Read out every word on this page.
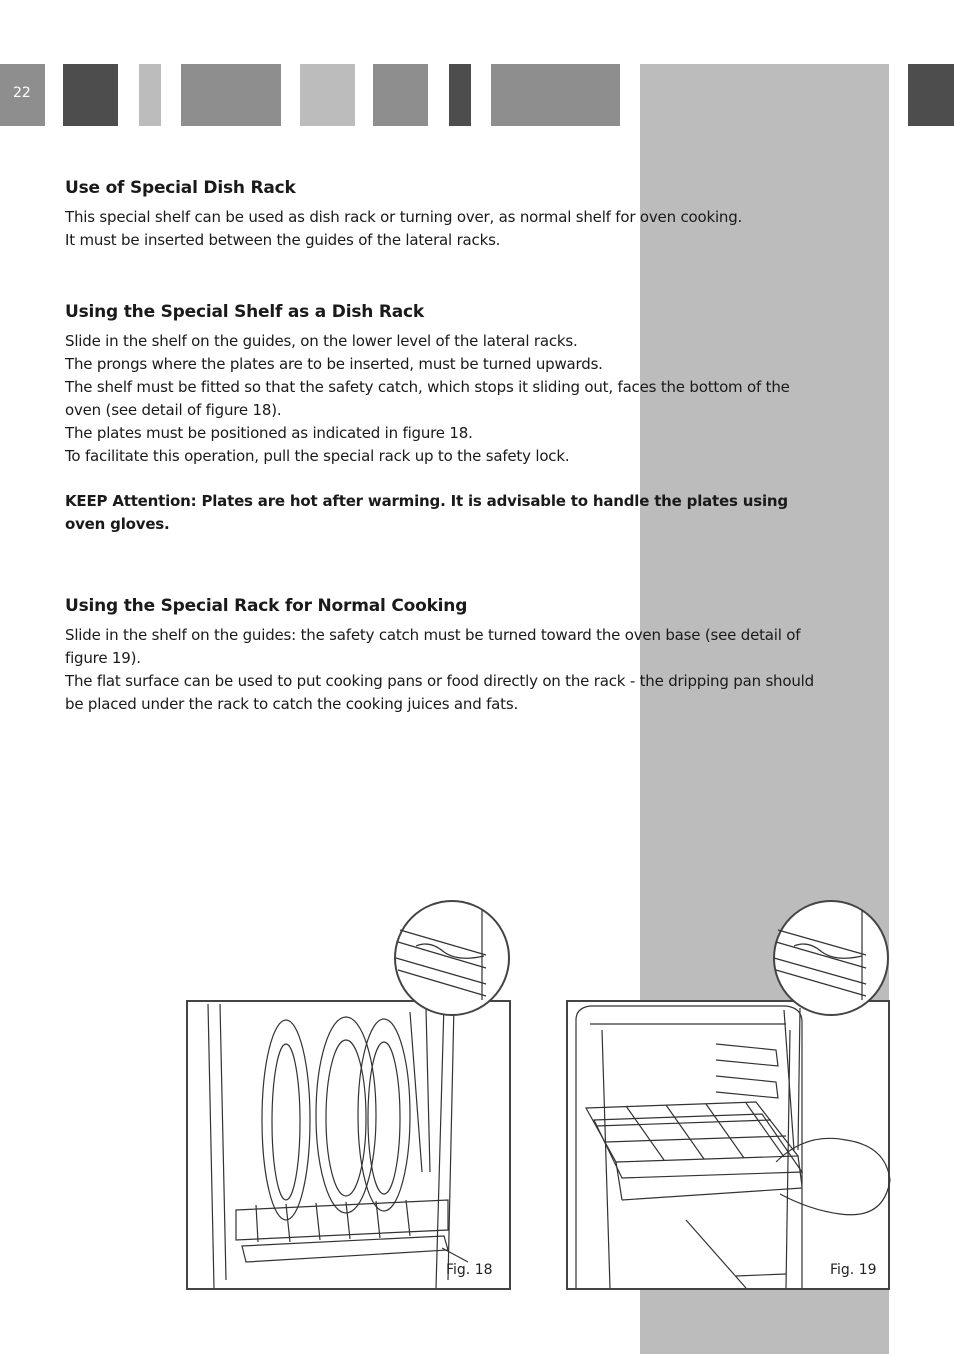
22
Use of Special Dish Rack

This special shelf can be used as dish rack or turning over, as normal shelf for oven cooking.

It must be inserted between the guides of the lateral racks.

Using the Special Shelf as a Dish Rack

Slide in the shelf on the guides, on the lower level of the lateral racks.

The prongs where the plates are to be inserted, must be turned upwards.

The shelf must be fitted so that the safety catch, which stops it sliding out, faces the bottom of the oven (see detail of figure 18).

The plates must be positioned as indicated in figure 18.

To facilitate this operation, pull the special rack up to the safety lock.

KEEP Attention: Plates are hot after warming. It is advisable to handle the plates using oven gloves.

Using the Special Rack for Normal Cooking

Slide in the shelf on the guides: the safety catch must be turned toward the oven base (see detail of figure 19).

The flat surface can be used to put cooking pans or food directly on the rack - the dripping pan should be placed under the rack to catch the cooking juices and fats.

Fig. 18	Fig. 19
